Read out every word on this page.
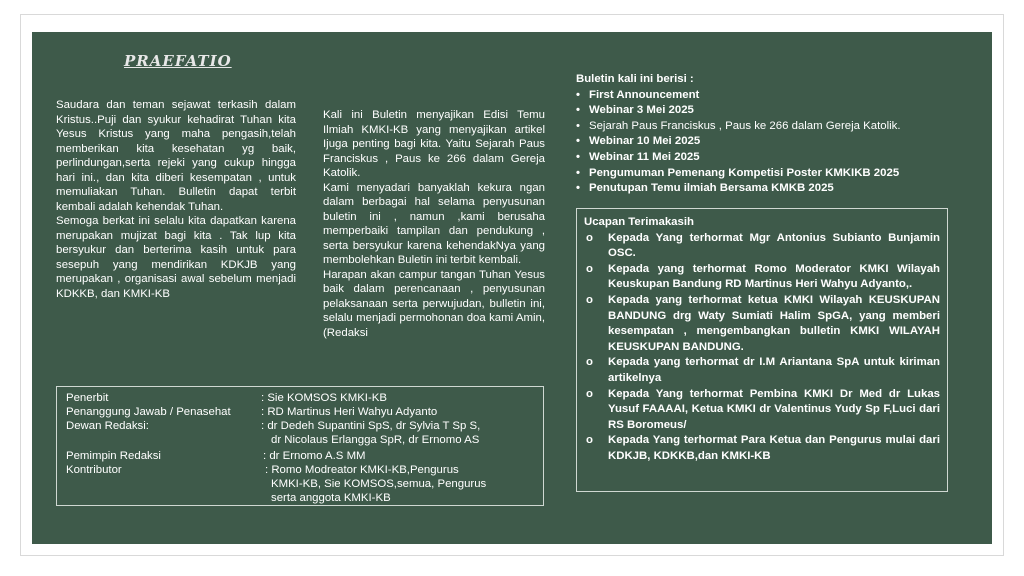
PRAEFATIO

Saudara dan teman sejawat terkasih dalam Kristus..Puji dan syukur kehadirat Tuhan kita Yesus Kristus yang maha pengasih,telah memberikan kita kesehatan yg baik, perlindungan,serta rejeki yang cukup hingga hari ini., dan kita diberi kesempatan , untuk memuliakan Tuhan. Bulletin dapat terbit kembali adalah kehendak Tuhan.

Semoga berkat ini selalu kita dapatkan karena merupakan mujizat bagi kita . Tak lup kita bersyukur dan berterima kasih untuk para sesepuh yang mendirikan KDKJB yang merupakan , organisasi awal sebelum menjadi KDKKB, dan KMKI-KB

Kali ini Buletin menyajikan Edisi Temu Ilmiah KMKI-KB yang menyajikan artikel Ijuga penting bagi kita. Yaitu Sejarah Paus Franciskus , Paus ke 266 dalam Gereja Katolik.

Kami menyadari banyaklah kekura ngan dalam berbagai hal selama penyusunan buletin ini , namun ,kami berusaha memperbaiki tampilan dan pendukung , serta bersyukur karena kehendakNya yang membolehkan Buletin ini terbit kembali.

Harapan akan campur tangan Tuhan Yesus baik dalam perencanaan , penyusunan pelaksanaan serta perwujudan, bulletin ini, selalu menjadi permohonan doa kami Amin, (Redaksi

Buletin kali ini berisi :
• First Announcement
• Webinar 3 Mei 2025
• Sejarah Paus Franciskus , Paus ke 266 dalam Gereja Katolik.
• Webinar 10 Mei 2025
• Webinar 11 Mei 2025
• Pengumuman Pemenang Kompetisi Poster KMKIKB 2025
• Penutupan Temu ilmiah Bersama KMKB 2025
Ucapan Terimakasih
o Kepada Yang terhormat Mgr Antonius Subianto Bunjamin OSC.
o Kepada yang terhormat Romo Moderator KMKI Wilayah Keuskupan Bandung RD Martinus Heri Wahyu Adyanto,.
o Kepada yang terhormat ketua KMKI Wilayah KEUSKUPAN BANDUNG drg Waty Sumiati Halim SpGA, yang memberi kesempatan , mengembangkan bulletin KMKI WILAYAH KEUSKUPAN BANDUNG.
o Kepada yang terhormat dr I.M Ariantana SpA untuk kiriman artikelnya
o Kepada Yang terhormat Pembina KMKI Dr Med dr Lukas Yusuf FAAAAI, Ketua KMKI dr Valentinus Yudy Sp F,Luci dari RS Boromeus/
o Kepada Yang terhormat Para Ketua dan Pengurus mulai dari KDKJB, KDKKB,dan KMKI-KB
Penerbit	: Sie KOMSOS KMKI-KB
Penanggung Jawab / Penasehat	: RD Martinus Heri Wahyu Adyanto
Dewan Redaksi:	: dr Dedeh Supantini SpS, dr Sylvia T Sp S,
dr Nicolaus Erlangga SpR, dr Ernomo AS
Pemimpin Redaksi	: dr Ernomo A.S MM
Kontributor	: Romo Modreator KMKI-KB,Pengurus
KMKI-KB, Sie KOMSOS,semua, Pengurus
serta anggota KMKI-KB
